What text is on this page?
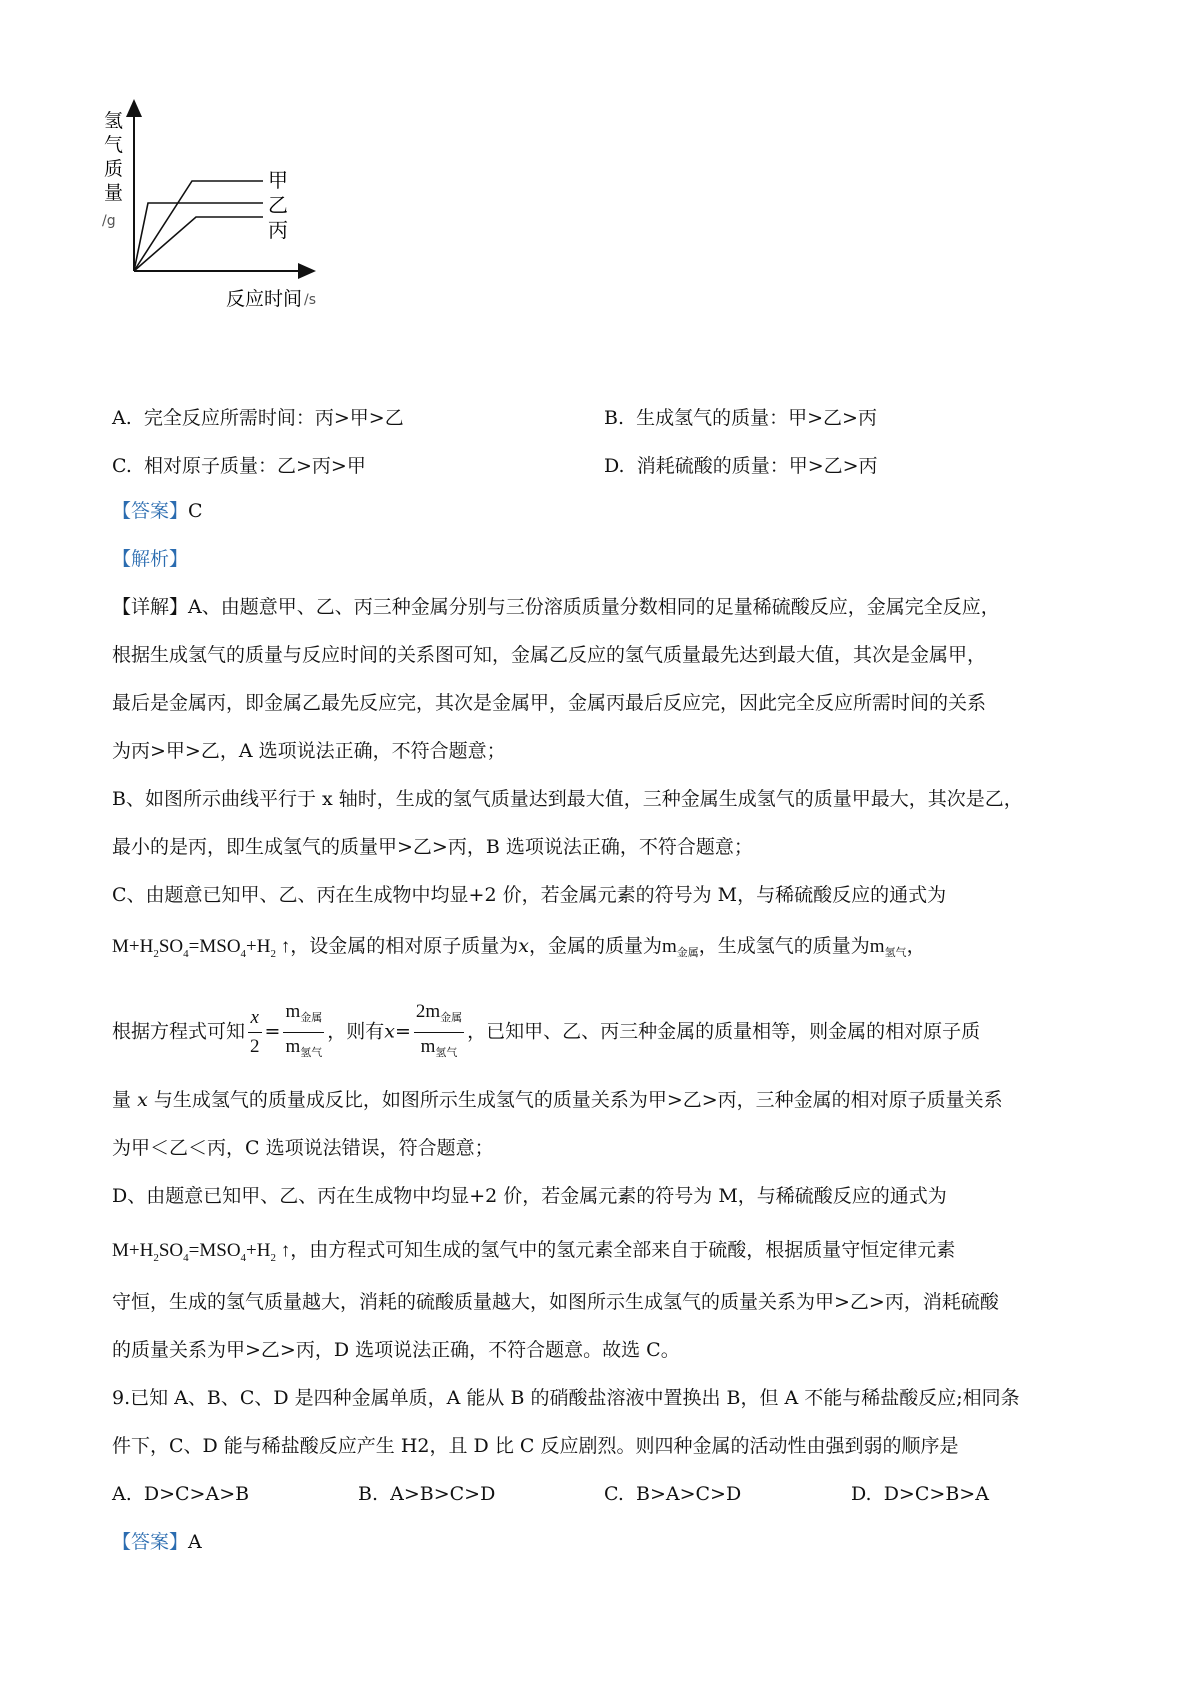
氢
气
质
量
/g
甲
乙
丙
反应时间 /s
A. 完全反应所需时间：丙>甲>乙	B. 生成氢气的质量：甲>乙>丙
C. 相对原子质量：乙>丙>甲	D. 消耗硫酸的质量：甲>乙>丙
【答案】C
【解析】
【详解】A、由题意甲、乙、丙三种金属分别与三份溶质质量分数相同的足量稀硫酸反应，金属完全反应，
根据生成氢气的质量与反应时间的关系图可知，金属乙反应的氢气质量最先达到最大值，其次是金属甲，
最后是金属丙，即金属乙最先反应完，其次是金属甲，金属丙最后反应完，因此完全反应所需时间的关系
为丙>甲>乙，A 选项说法正确，不符合题意；
B、如图所示曲线平行于 x 轴时，生成的氢气质量达到最大值，三种金属生成氢气的质量甲最大，其次是乙，
最小的是丙，即生成氢气的质量甲>乙>丙，B 选项说法正确，不符合题意；
C、由题意已知甲、乙、丙在生成物中均显+2 价，若金属元素的符号为 M，与稀硫酸反应的通式为
$M+H_2SO_4=MSO_4+H_2$ ↑，设金属的相对原子质量为x，金属的质量为$m_{金属}$，生成氢气的质量为$m_{氢气}$，
根据方程式可知 $\frac{x}{2} = \frac{m_{金属}}{m_{氢气}}$ ，则有$x= \frac{2m_{金属}}{m_{氢气}}$ ，已知甲、乙、丙三种金属的质量相等，则金属的相对原子质
量 x 与生成氢气的质量成反比，如图所示生成氢气的质量关系为甲>乙>丙，三种金属的相对原子质量关系
为甲＜乙＜丙，C 选项说法错误，符合题意；
D、由题意已知甲、乙、丙在生成物中均显+2 价，若金属元素的符号为 M，与稀硫酸反应的通式为
$M+H_2SO_4=MSO_4+H_2$ ↑，由方程式可知生成的氢气中的氢元素全部来自于硫酸，根据质量守恒定律元素
守恒，生成的氢气质量越大，消耗的硫酸质量越大，如图所示生成氢气的质量关系为甲>乙>丙，消耗硫酸
的质量关系为甲>乙>丙，D 选项说法正确，不符合题意。故选 C。
9.已知 A、B、C、D 是四种金属单质，A 能从 B 的硝酸盐溶液中置换出 B，但 A 不能与稀盐酸反应;相同条
件下，C、D 能与稀盐酸反应产生 H2，且 D 比 C 反应剧烈。则四种金属的活动性由强到弱的顺序是
A. D>C>A>B	B. A>B>C>D	C. B>A>C>D	D. D>C>B>A
【答案】A
